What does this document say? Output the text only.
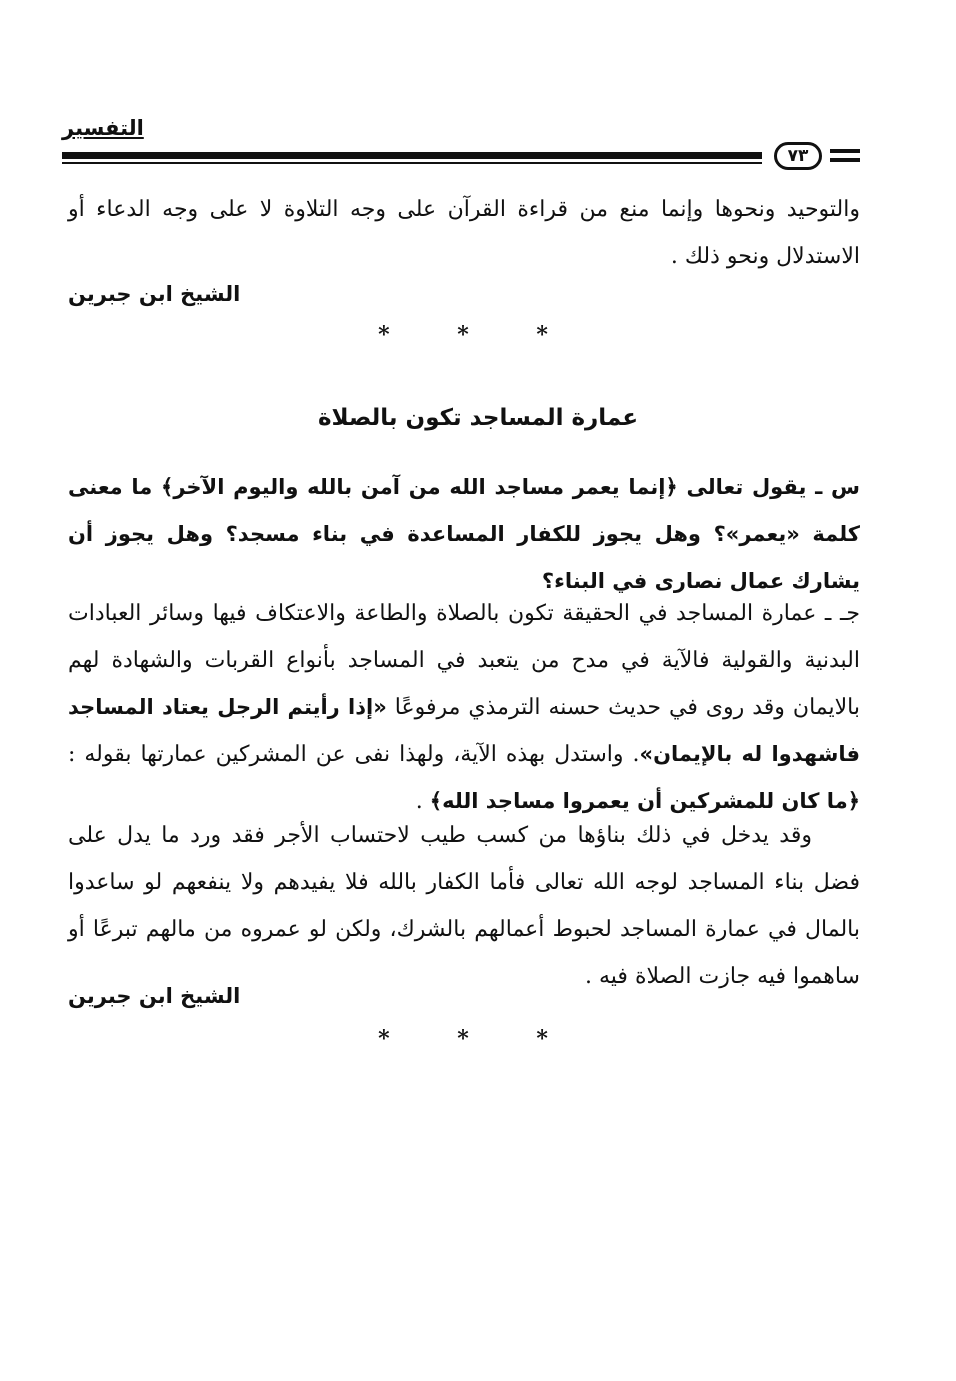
التفسير
٧٣
والتوحيد ونحوها وإنما منع من قراءة القرآن على وجه التلاوة لا على وجه الدعاء أو الاستدلال ونحو ذلك .
الشيخ ابن جبرين
* * *
عمارة المساجد تكون بالصلاة
س ـ يقول تعالى ﴿إنما يعمر مساجد الله من آمن بالله واليوم الآخر﴾ ما معنى كلمة «يعمر»؟ وهل يجوز للكفار المساعدة في بناء مسجد؟ وهل يجوز أن يشارك عمال نصارى في البناء؟
جـ ـ عمارة المساجد في الحقيقة تكون بالصلاة والطاعة والاعتكاف فيها وسائر العبادات البدنية والقولية فالآية في مدح من يتعبد في المساجد بأنواع القربات والشهادة لهم بالايمان وقد روى في حديث حسنه الترمذي مرفوعًا «إذا رأيتم الرجل يعتاد المساجد فاشهدوا له بالإيمان». واستدل بهذه الآية، ولهذا نفى عن المشركين عمارتها بقوله : ﴿ما كان للمشركين أن يعمروا مساجد الله﴾ .
وقد يدخل في ذلك بناؤها من كسب طيب لاحتساب الأجر فقد ورد ما يدل على فضل بناء المساجد لوجه الله تعالى فأما الكفار بالله فلا يفيدهم ولا ينفعهم لو ساعدوا بالمال في عمارة المساجد لحبوط أعمالهم بالشرك، ولكن لو عمروه من مالهم تبرعًا أو ساهموا فيه جازت الصلاة فيه .
الشيخ ابن جبرين
* * *
